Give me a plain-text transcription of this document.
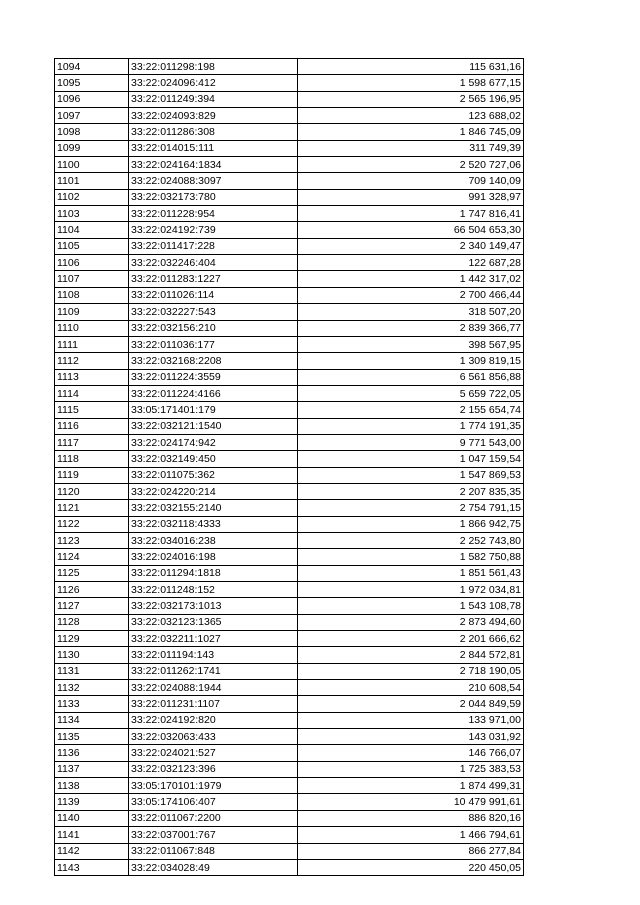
1094	33:22:011298:198	115 631,16
1095	33:22:024096:412	1 598 677,15
1096	33:22:011249:394	2 565 196,95
1097	33:22:024093:829	123 688,02
1098	33:22:011286:308	1 846 745,09
1099	33:22:014015:111	311 749,39
1100	33:22:024164:1834	2 520 727,06
1101	33:22:024088:3097	709 140,09
1102	33:22:032173:780	991 328,97
1103	33:22:011228:954	1 747 816,41
1104	33:22:024192:739	66 504 653,30
1105	33:22:011417:228	2 340 149,47
1106	33:22:032246:404	122 687,28
1107	33:22:011283:1227	1 442 317,02
1108	33:22:011026:114	2 700 466,44
1109	33:22:032227:543	318 507,20
1110	33:22:032156:210	2 839 366,77
1111	33:22:011036:177	398 567,95
1112	33:22:032168:2208	1 309 819,15
1113	33:22:011224:3559	6 561 856,88
1114	33:22:011224:4166	5 659 722,05
1115	33:05:171401:179	2 155 654,74
1116	33:22:032121:1540	1 774 191,35
1117	33:22:024174:942	9 771 543,00
1118	33:22:032149:450	1 047 159,54
1119	33:22:011075:362	1 547 869,53
1120	33:22:024220:214	2 207 835,35
1121	33:22:032155:2140	2 754 791,15
1122	33:22:032118:4333	1 866 942,75
1123	33:22:034016:238	2 252 743,80
1124	33:22:024016:198	1 582 750,88
1125	33:22:011294:1818	1 851 561,43
1126	33:22:011248:152	1 972 034,81
1127	33:22:032173:1013	1 543 108,78
1128	33:22:032123:1365	2 873 494,60
1129	33:22:032211:1027	2 201 666,62
1130	33:22:011194:143	2 844 572,81
1131	33:22:011262:1741	2 718 190,05
1132	33:22:024088:1944	210 608,54
1133	33:22:011231:1107	2 044 849,59
1134	33:22:024192:820	133 971,00
1135	33:22:032063:433	143 031,92
1136	33:22:024021:527	146 766,07
1137	33:22:032123:396	1 725 383,53
1138	33:05:170101:1979	1 874 499,31
1139	33:05:174106:407	10 479 991,61
1140	33:22:011067:2200	886 820,16
1141	33:22:037001:767	1 466 794,61
1142	33:22:011067:848	866 277,84
1143	33:22:034028:49	220 450,05
